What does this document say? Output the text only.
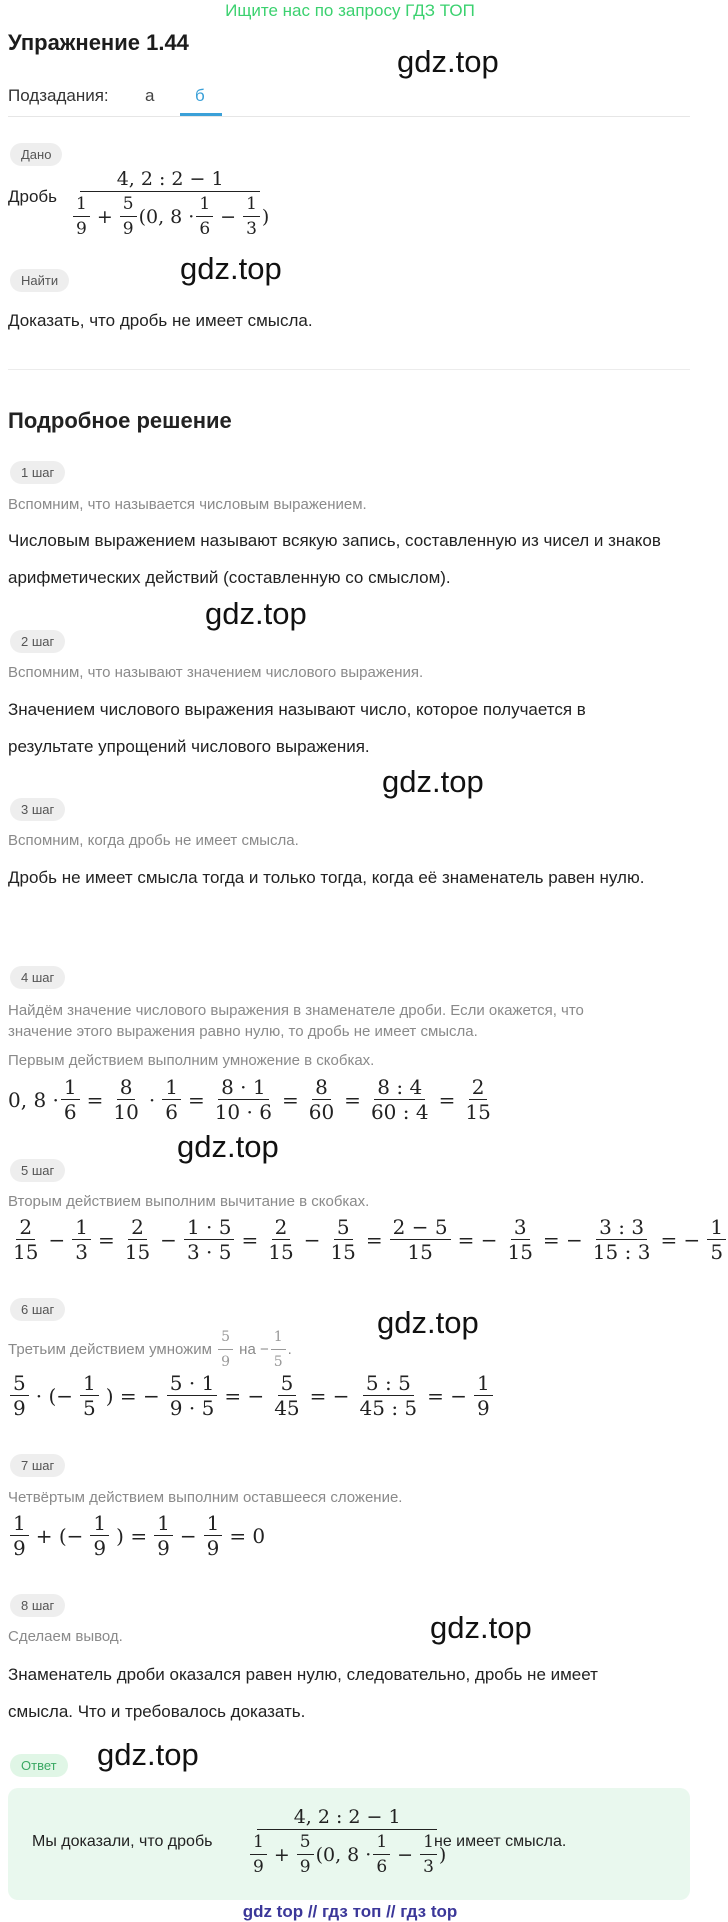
Ищите нас по запросу ГДЗ ТОП
Упражнение 1.44
gdz.top
Подзадания: а б
Дано
Дробь
4, 2 : 2 − 1
$\frac{1}{9} + \frac{5}{9} (0$, $8 \cdot \frac{1}{6} - \frac{1}{3}$ )
gdz.top
Найти
Доказать, что дробь не имеет смысла.
Подробное решение
1 шаг
Вспомним, что называется числовым выражением.
Числовым выражением называют всякую запись, составленную из чисел и знаков арифметических действий (составленную со смыслом).
gdz.top
2 шаг
Вспомним, что называют значением числового выражения.
Значением числового выражения называют число, которое получается в результате упрощений числового выражения.
gdz.top
3 шаг
Вспомним, когда дробь не имеет смысла.
Дробь не имеет смысла тогда и только тогда, когда её знаменатель равен нулю.
4 шаг
Найдём значение числового выражения в знаменателе дроби. Если окажется, что значение этого выражения равно нулю, то дробь не имеет смысла.
Первым действием выполним умножение в скобках.
0, $8 \cdot \frac{1}{6} = \frac{8}{10} \cdot \frac{1}{6} = \frac{8 \cdot 1}{10 \cdot 6} = \frac{8}{60} = \frac{8 : 4}{60 : 4} = \frac{2}{15}$
gdz.top
5 шаг
Вторым действием выполним вычитание в скобках.
$\frac{2}{15} - \frac{1}{3} = \frac{2}{15} - \frac{1 \cdot 5}{3 \cdot 5} = \frac{2}{15} - \frac{5}{15} = \frac{2 - 5}{15}$ = − $\frac{3}{15}$ = − $\frac{3 : 3}{15 : 3}$ = − $\frac{1}{5}$
6 шаг	gdz.top
Третьим действием умножим
$\frac{5}{9}$
на
− $\frac{1}{5}$ .
$\frac{5}{9}$ · (− $\frac{1}{5}$ ) = − $\frac{5 \cdot 1}{9 \cdot 5}$ = − $\frac{5}{45}$ = − $\frac{5 : 5}{45 : 5}$ = − $\frac{1}{9}$
7 шаг
Четвёртым действием выполним оставшееся сложение.
$\frac{1}{9}$ + (− $\frac{1}{9}$ ) = $\frac{1}{9} - \frac{1}{9} = 0$
8 шаг
gdz.top
Сделаем вывод.
Знаменатель дроби оказался равен нулю, следовательно, дробь не имеет смысла. Что и требовалось доказать.
Ответ	gdz.top
Мы доказали, что дробь
4, 2 : 2 − 1
$\frac{1}{9} + \frac{5}{9} (0$, $8 \cdot \frac{1}{6} - \frac{1}{3}$ )
не имеет смысла.
gdz top // гдз топ // гдз top
